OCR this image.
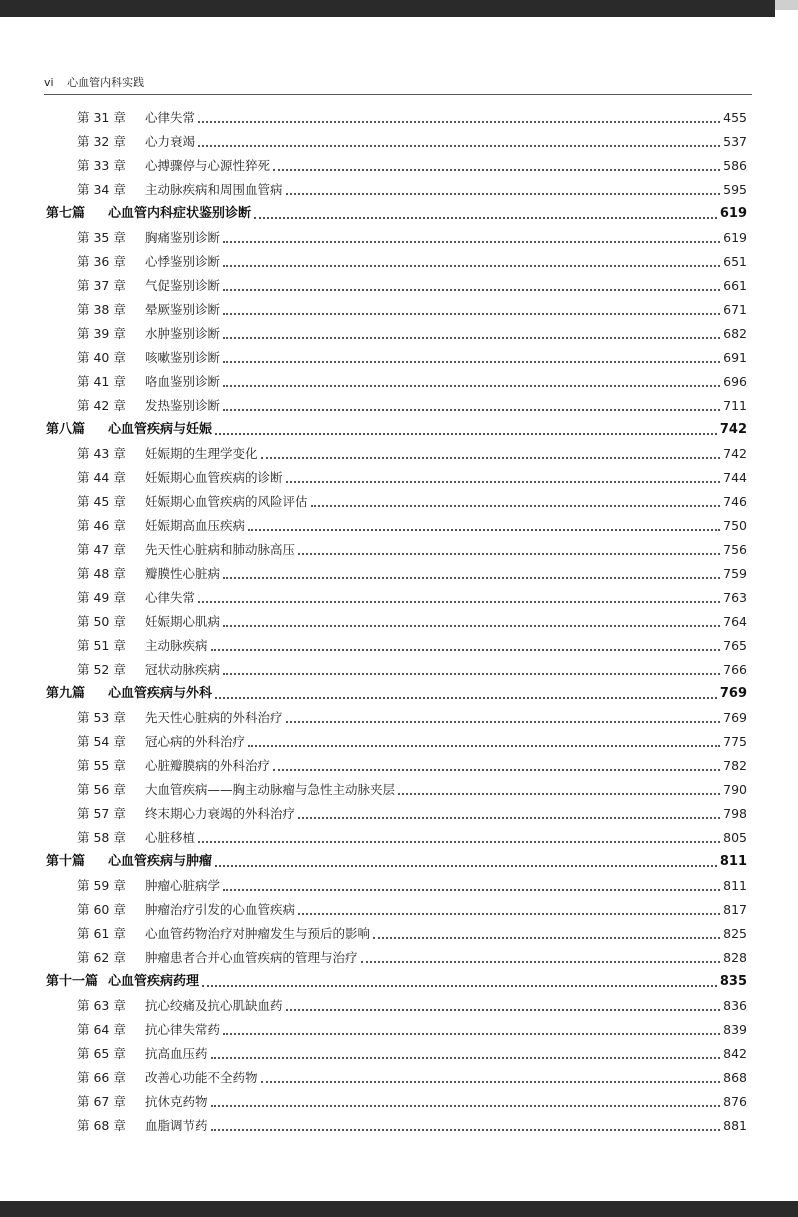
vi 心血管内科实践
第 31 章	心律失常	455
第 32 章	心力衰竭	537
第 33 章	心搏骤停与心源性猝死	586
第 34 章	主动脉疾病和周围血管病	595
第七篇	心血管内科症状鉴别诊断	619
第 35 章	胸痛鉴别诊断	619
第 36 章	心悸鉴别诊断	651
第 37 章	气促鉴别诊断	661
第 38 章	晕厥鉴别诊断	671
第 39 章	水肿鉴别诊断	682
第 40 章	咳嗽鉴别诊断	691
第 41 章	咯血鉴别诊断	696
第 42 章	发热鉴别诊断	711
第八篇	心血管疾病与妊娠	742
第 43 章	妊娠期的生理学变化	742
第 44 章	妊娠期心血管疾病的诊断	744
第 45 章	妊娠期心血管疾病的风险评估	746
第 46 章	妊娠期高血压疾病	750
第 47 章	先天性心脏病和肺动脉高压	756
第 48 章	瓣膜性心脏病	759
第 49 章	心律失常	763
第 50 章	妊娠期心肌病	764
第 51 章	主动脉疾病	765
第 52 章	冠状动脉疾病	766
第九篇	心血管疾病与外科	769
第 53 章	先天性心脏病的外科治疗	769
第 54 章	冠心病的外科治疗	775
第 55 章	心脏瓣膜病的外科治疗	782
第 56 章	大血管疾病——胸主动脉瘤与急性主动脉夹层	790
第 57 章	终末期心力衰竭的外科治疗	798
第 58 章	心脏移植	805
第十篇	心血管疾病与肿瘤	811
第 59 章	肿瘤心脏病学	811
第 60 章	肿瘤治疗引发的心血管疾病	817
第 61 章	心血管药物治疗对肿瘤发生与预后的影响	825
第 62 章	肿瘤患者合并心血管疾病的管理与治疗	828
第十一篇 心血管疾病药理	835
第 63 章	抗心绞痛及抗心肌缺血药	836
第 64 章	抗心律失常药	839
第 65 章	抗高血压药	842
第 66 章	改善心功能不全药物	868
第 67 章	抗休克药物	876
第 68 章	血脂调节药	881
